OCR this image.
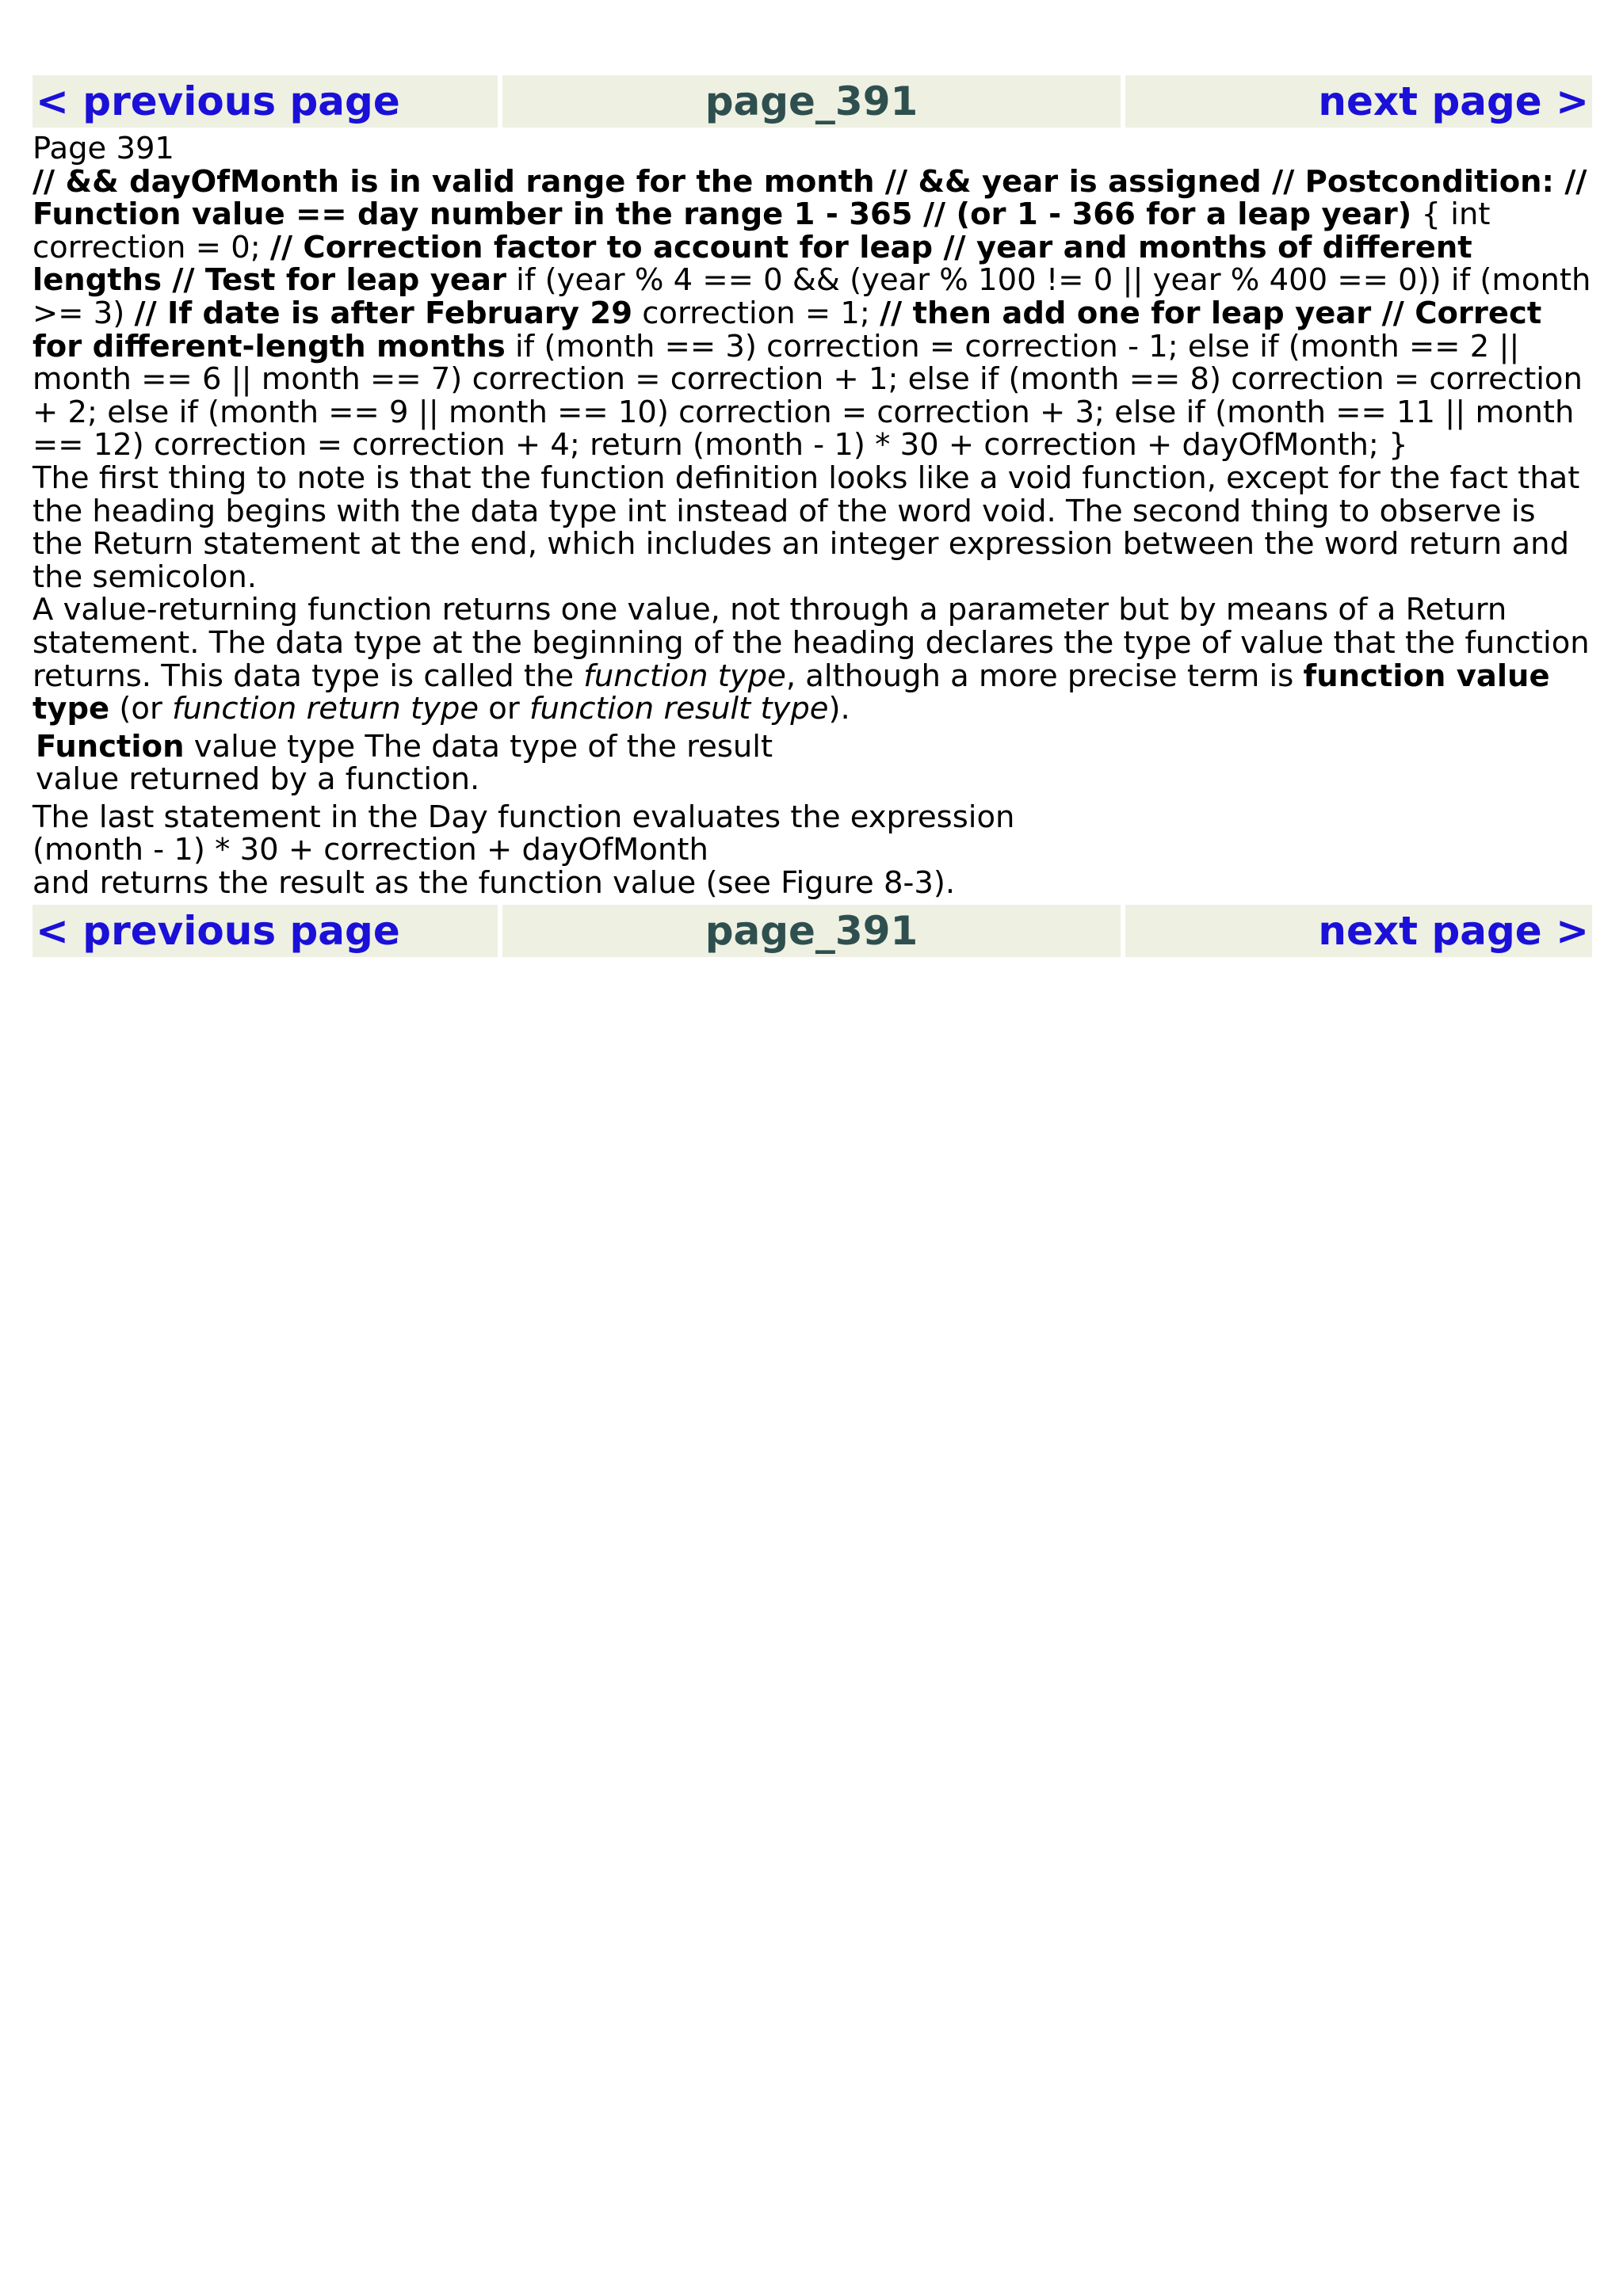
< previous page	page_391	next page >

Page 391

// && dayOfMonth is in valid range for the month // && year is assigned // Postcondition: // Function value == day number in the range 1 - 365 // (or 1 - 366 for a leap year) { int correction = 0; // Correction factor to account for leap // year and months of different lengths // Test for leap year if (year % 4 == 0 && (year % 100 != 0 || year % 400 == 0)) if (month >= 3) // If date is after February 29 correction = 1; // then add one for leap year // Correct for different-length months if (month == 3) correction = correction - 1; else if (month == 2 || month == 6 || month == 7) correction = correction + 1; else if (month == 8) correction = correction + 2; else if (month == 9 || month == 10) correction = correction + 3; else if (month == 11 || month == 12) correction = correction + 4; return (month - 1) * 30 + correction + dayOfMonth; }

The first thing to note is that the function definition looks like a void function, except for the fact that the heading begins with the data type int instead of the word void. The second thing to observe is the Return statement at the end, which includes an integer expression between the word return and the semicolon.

A value-returning function returns one value, not through a parameter but by means of a Return statement. The data type at the beginning of the heading declares the type of value that the function returns. This data type is called the function type, although a more precise term is function value type (or function return type or function result type).

Function value type The data type of the result value returned by a function.

The last statement in the Day function evaluates the expression

(month - 1) * 30 + correction + dayOfMonth

and returns the result as the function value (see Figure 8-3).

< previous page	page_391	next page >
